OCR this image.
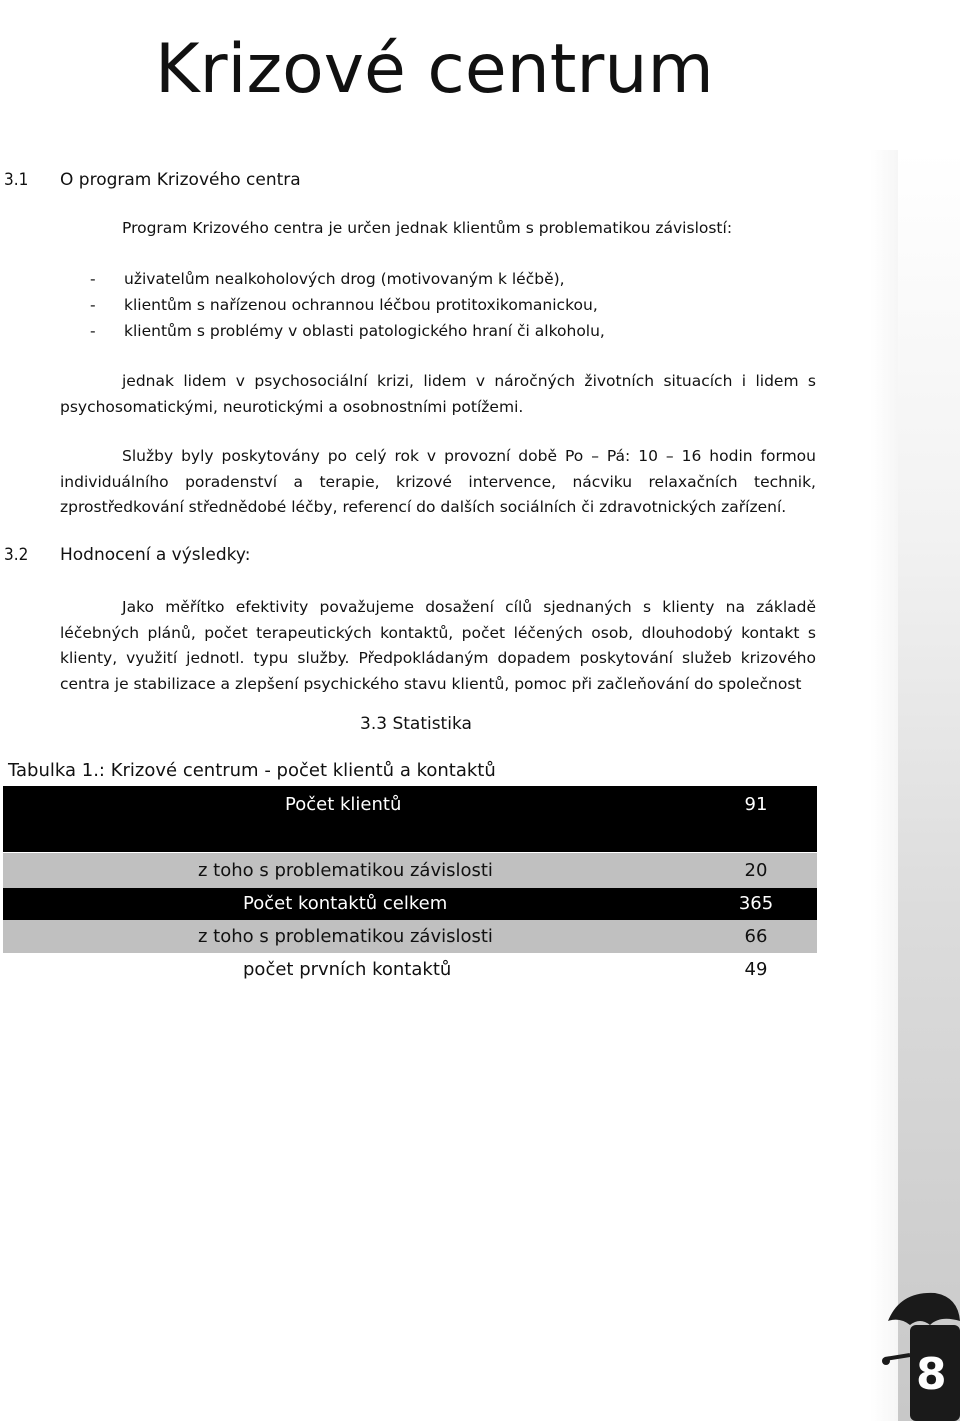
Krizové centrum
3.1 O program Krizového centra
Program Krizového centra je určen jednak klientům s problematikou závislostí:
- uživatelům nealkoholových drog (motivovaným k léčbě),
- klientům s nařízenou ochrannou léčbou protitoxikomanickou,
- klientům s problémy v oblasti patologického hraní či alkoholu,

jednak lidem v psychosociální krizi, lidem v náročných životních situacích i lidem s psychosomatickými, neurotickými a osobnostními potížemi.

Služby byly poskytovány po celý rok v provozní době Po – Pá: 10 – 16 hodin formou individuálního poradenství a terapie, krizové intervence, nácviku relaxačních technik, zprostředkování střednědobé léčby, referencí do dalších sociálních či zdravotnických zařízení.

3.2 Hodnocení a výsledky:

Jako měřítko efektivity považujeme dosažení cílů sjednaných s klienty na základě léčebných plánů, počet terapeutických kontaktů, počet léčených osob, dlouhodobý kontakt s klienty, využití jednotl. typu služby. Předpokládaným dopadem poskytování služeb krizového centra je stabilizace a zlepšení psychického stavu klientů, pomoc při začleňování do společnost

3.3 Statistika
Tabulka 1.: Krizové centrum - počet klientů a kontaktů
Počet klientů	91
z toho s problematikou závislosti	20
Počet kontaktů celkem	365
z toho s problematikou závislosti	66
počet prvních kontaktů	49
8
